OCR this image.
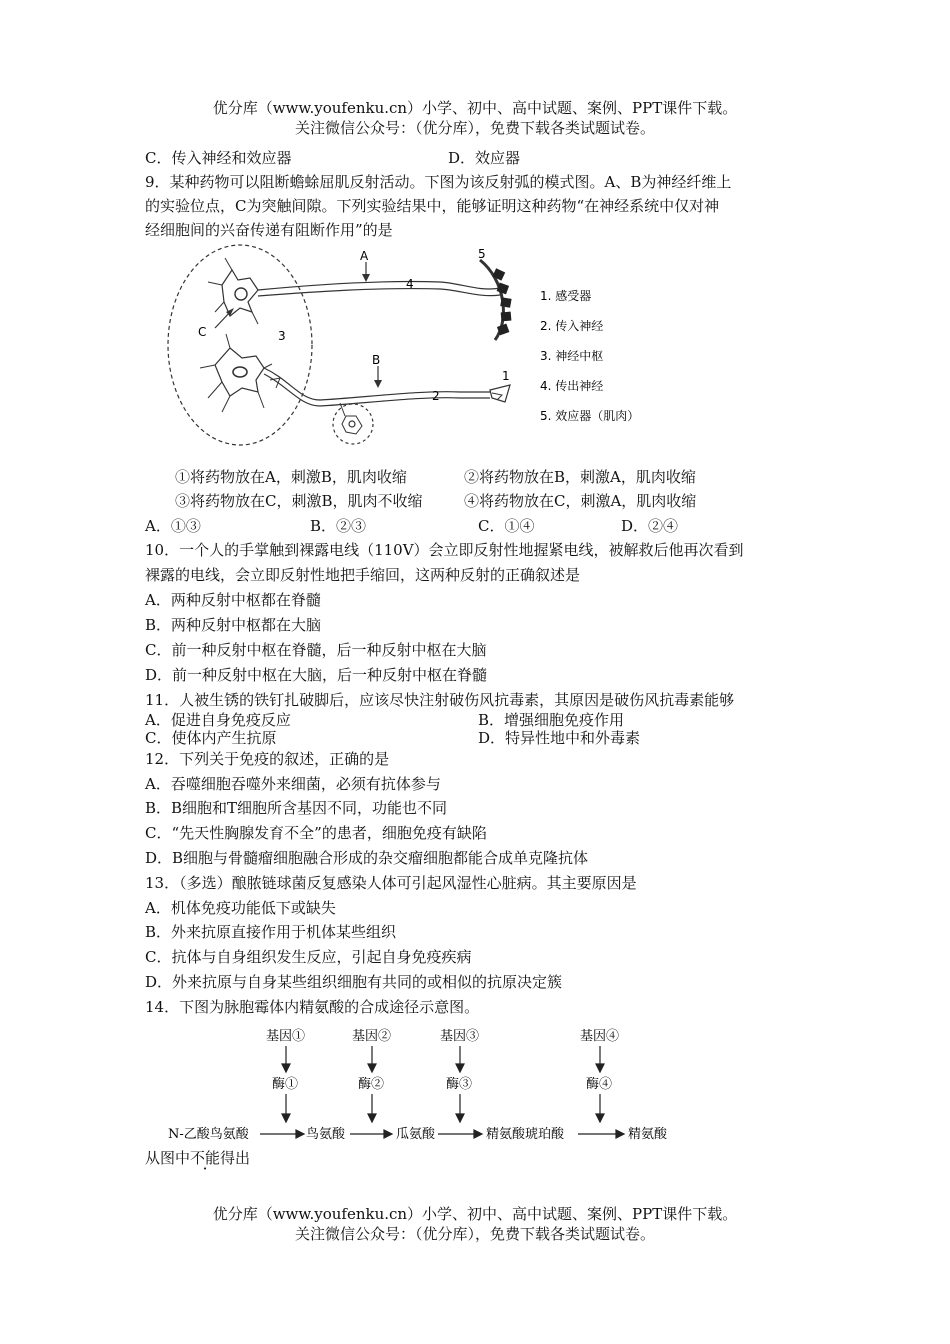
优分库（www.youfenku.cn）小学、初中、高中试题、案例、PPT课件下载。
关注微信公众号：（优分库），免费下载各类试题试卷。
C．传入神经和效应器	D．效应器
9．某种药物可以阻断蟾蜍屈肌反射活动。下图为该反射弧的模式图。A、B为神经纤维上
的实验位点，C为突触间隙。下列实验结果中，能够证明这种药物“在神经系统中仅对神
经细胞间的兴奋传递有阻断作用”的是
A
B
C
1
2
3
4
5
1. 感受器
2. 传入神经
3. 神经中枢
4. 传出神经
5. 效应器（肌肉）
①将药物放在A，刺激B，肌肉收缩	②将药物放在B，刺激A，肌肉收缩
③将药物放在C，刺激B，肌肉不收缩	④将药物放在C，刺激A，肌肉收缩
A．①③	B．②③	C．①④	D．②④
10．一个人的手掌触到裸露电线（110V）会立即反射性地握紧电线，被解救后他再次看到
裸露的电线，会立即反射性地把手缩回，这两种反射的正确叙述是
A．两种反射中枢都在脊髓
B．两种反射中枢都在大脑
C．前一种反射中枢在脊髓，后一种反射中枢在大脑
D．前一种反射中枢在大脑，后一种反射中枢在脊髓
11．人被生锈的铁钉扎破脚后，应该尽快注射破伤风抗毒素，其原因是破伤风抗毒素能够
A．促进自身免疫反应	B．增强细胞免疫作用
C．使体内产生抗原	D．特异性地中和外毒素
12．下列关于免疫的叙述，正确的是
A．吞噬细胞吞噬外来细菌，必须有抗体参与
B．B细胞和T细胞所含基因不同，功能也不同
C．“先天性胸腺发育不全”的患者，细胞免疫有缺陷
D．B细胞与骨髓瘤细胞融合形成的杂交瘤细胞都能合成单克隆抗体
13．（多选）酿脓链球菌反复感染人体可引起风湿性心脏病。其主要原因是
A．机体免疫功能低下或缺失
B．外来抗原直接作用于机体某些组织
C．抗体与自身组织发生反应，引起自身免疫疾病
D．外来抗原与自身某些组织细胞有共同的或相似的抗原决定簇
14．下图为脉胞霉体内精氨酸的合成途径示意图。
基因①	基因②	基因③	基因④
酶①	酶②	酶③	酶④
N-乙酸鸟氨酸	鸟氨酸	瓜氨酸	精氨酸琥珀酸	精氨酸
从图中不能得出
优分库（www.youfenku.cn）小学、初中、高中试题、案例、PPT课件下载。
关注微信公众号：（优分库），免费下载各类试题试卷。
